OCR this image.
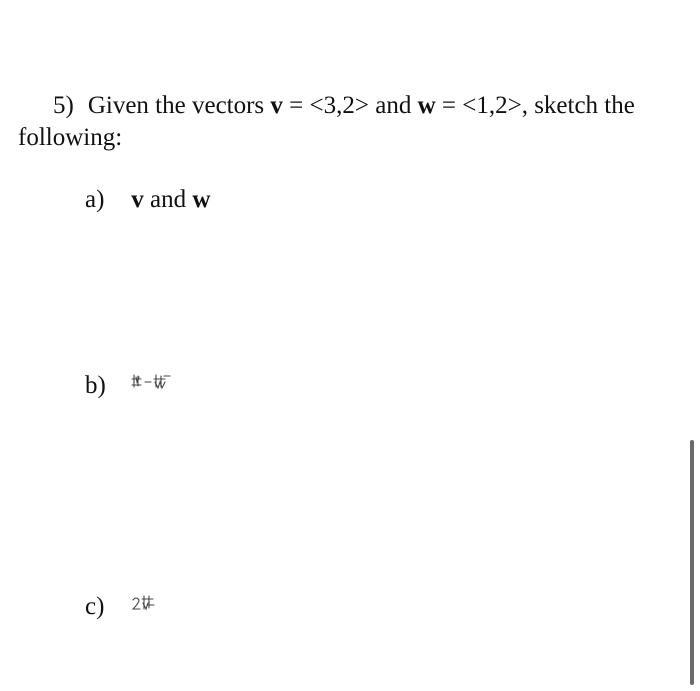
5) Given the vectors v = <3,2> and w = <1,2>, sketch the following:
a) v and w
b)
c)
